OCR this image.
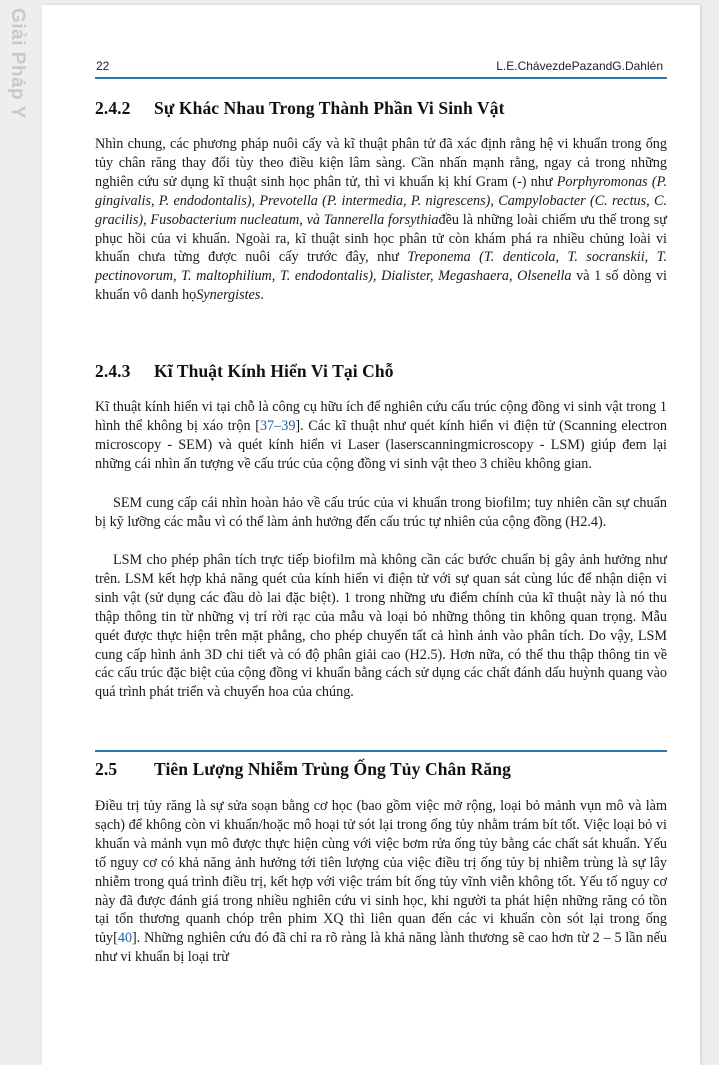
Giải Pháp Y
22	L.E.ChávezdePazandG.Dahlén
2.4.2 Sự Khác Nhau Trong Thành Phần Vi Sinh Vật

Nhìn chung, các phương pháp nuôi cấy và kĩ thuật phân tử đã xác định rằng hệ vi khuẩn trong ống tủy chân răng thay đổi tùy theo điều kiện lâm sàng. Cần nhấn mạnh rằng, ngay cả trong những nghiên cứu sử dụng kĩ thuật sinh học phân tử, thì vi khuẩn kị khí Gram (-) như Porphyromonas (P. gingivalis, P. endodontalis), Prevotella (P. intermedia, P. nigrescens), Campylobacter (C. rectus, C. gracilis), Fusobacterium nucleatum, và Tannerella forsythiađều là những loài chiếm ưu thế trong sự phục hồi của vi khuẩn. Ngoài ra, kĩ thuật sinh học phân tử còn khám phá ra nhiều chủng loài vi khuẩn chưa từng được nuôi cấy trước đây, như Treponema (T. denticola, T. socranskii, T. pectinovorum, T. maltophilium, T. endodontalis), Dialister, Megashaera, Olsenella và 1 số dòng vi khuẩn vô danh họSynergistes.

2.4.3 Kĩ Thuật Kính Hiển Vi Tại Chỗ

Kĩ thuật kính hiển vi tại chỗ là công cụ hữu ích để nghiên cứu cấu trúc cộng đồng vi sinh vật trong 1 hình thể không bị xáo trộn [37–39]. Các kĩ thuật như quét kính hiển vi điện tử (Scanning electron microscopy - SEM) và quét kính hiển vi Laser (laserscanningmicroscopy - LSM) giúp đem lại những cái nhìn ấn tượng về cấu trúc của cộng đồng vi sinh vật theo 3 chiều không gian.

SEM cung cấp cái nhìn hoàn hảo về cấu trúc của vi khuẩn trong biofilm; tuy nhiên cần sự chuẩn bị kỹ lưỡng các mẫu vì có thể làm ảnh hưởng đến cấu trúc tự nhiên của cộng đồng (H2.4).

LSM cho phép phân tích trực tiếp biofilm mà không cần các bước chuẩn bị gây ảnh hưởng như trên. LSM kết hợp khả năng quét của kính hiển vi điện tử với sự quan sát cùng lúc để nhận diện vi sinh vật (sử dụng các đầu dò lai đặc biệt). 1 trong những ưu điểm chính của kĩ thuật này là nó thu thập thông tin từ những vị trí rời rạc của mẫu và loại bỏ những thông tin không quan trọng. Mẫu quét được thực hiện trên mặt phẳng, cho phép chuyển tất cả hình ảnh vào phân tích. Do vậy, LSM cung cấp hình ảnh 3D chi tiết và có độ phân giải cao (H2.5). Hơn nữa, có thể thu thập thông tin về các cấu trúc đặc biệt của cộng đồng vi khuẩn bằng cách sử dụng các chất đánh dấu huỳnh quang vào quá trình phát triển và chuyển hoa của chúng.

2.5 Tiên Lượng Nhiễm Trùng Ống Tủy Chân Răng

Điều trị tủy răng là sự sửa soạn bằng cơ học (bao gồm việc mở rộng, loại bỏ mảnh vụn mô và làm sạch) để không còn vi khuẩn/hoặc mô hoại tử sót lại trong ống tủy nhằm trám bít tốt. Việc loại bỏ vi khuẩn và mảnh vụn mô được thực hiện cùng với việc bơm rửa ống tủy bằng các chất sát khuẩn. Yếu tố nguy cơ có khả năng ảnh hưởng tới tiên lượng của việc điều trị ống tủy bị nhiễm trùng là sự lây nhiễm trong quá trình điều trị, kết hợp với việc trám bít ống tủy vĩnh viễn không tốt. Yếu tố nguy cơ này đã được đánh giá trong nhiều nghiên cứu vi sinh học, khi người ta phát hiện những răng có tồn tại tổn thương quanh chóp trên phim XQ thì liên quan đến các vi khuẩn còn sót lại trong ống tủy[40]. Những nghiên cứu đó đã chỉ ra rõ ràng là khả năng lành thương sẽ cao hơn từ 2 – 5 lần nếu như vi khuẩn bị loại trừ
